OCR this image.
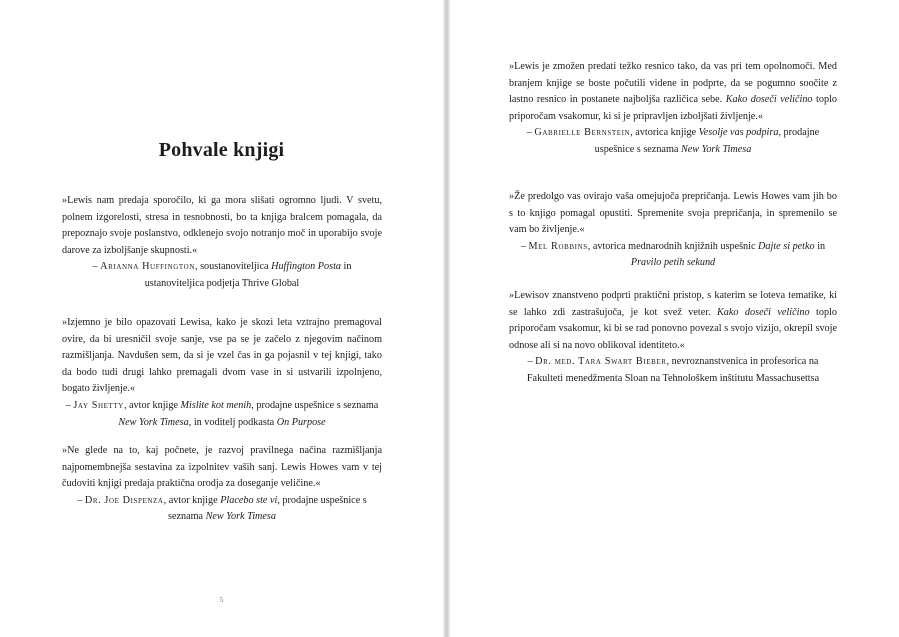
Pohvale knjigi

»Lewis nam predaja sporočilo, ki ga mora slišati ogromno ljudi. V svetu, polnem izgorelosti, stresa in tesnobnosti, bo ta knjiga bralcem pomagala, da prepoznajo svoje poslanstvo, odklenejo svojo notranjo moč in uporabijo svoje darove za izboljšanje skupnosti.«

– Arianna Huffington, soustanoviteljica Huffington Posta in ustanoviteljica podjetja Thrive Global

»Izjemno je bilo opazovati Lewisa, kako je skozi leta vztrajno premagoval ovire, da bi uresničil svoje sanje, vse pa se je začelo z njegovim načinom razmišljanja. Navdušen sem, da si je vzel čas in ga pojasnil v tej knjigi, tako da bodo tudi drugi lahko premagali dvom vase in si ustvarili izpolnjeno, bogato življenje.«

– Jay Shetty, avtor knjige Mislite kot menih, prodajne uspešnice s seznama New York Timesa, in voditelj podkasta On Purpose

»Ne glede na to, kaj počnete, je razvoj pravilnega načina razmišljanja najpomembnejša sestavina za izpolnitev vaših sanj. Lewis Howes vam v tej čudoviti knjigi predaja praktična orodja za doseganje veličine.«

– Dr. Joe Dispenza, avtor knjige Placebo ste vi, prodajne uspešnice s seznama New York Timesa

5

»Lewis je zmožen predati težko resnico tako, da vas pri tem opolnomoči. Med branjem knjige se boste počutili videne in podprte, da se pogumno soočite z lastno resnico in postanete najboljša različica sebe. Kako doseči veličino toplo priporočam vsakomur, ki si je pripravljen izboljšati življenje.«

– Gabrielle Bernstein, avtorica knjige Vesolje vas podpira, prodajne uspešnice s seznama New York Timesa

»Že predolgo vas ovirajo vaša omejujoča prepričanja. Lewis Howes vam jih bo s to knjigo pomagal opustiti. Spremenite svoja prepričanja, in spremenilo se vam bo življenje.«

– Mel Robbins, avtorica mednarodnih knjižnih uspešnic Dajte si petko in Pravilo petih sekund

»Lewisov znanstveno podprti praktični pristop, s katerim se loteva tematike, ki se lahko zdi zastrašujoča, je kot svež veter. Kako doseči veličino toplo priporočam vsakomur, ki bi se rad ponovno povezal s svojo vizijo, okrepil svoje odnose ali si na novo oblikoval identiteto.«

– Dr. med. Tara Swart Bieber, nevroznanstvenica in profesorica na Fakulteti menedžmenta Sloan na Tehnološkem inštitutu Massachusettsa
